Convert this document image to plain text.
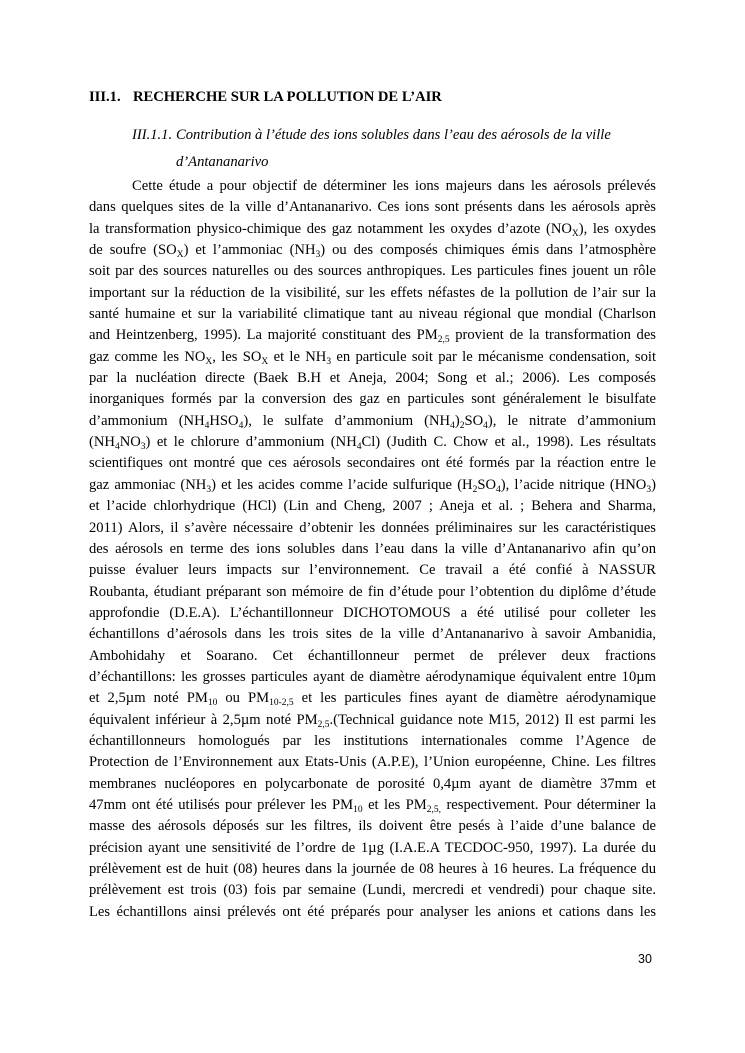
III.1. RECHERCHE SUR LA POLLUTION DE L’AIR
III.1.1. Contribution à l’étude des ions solubles dans l’eau des aérosols de la ville
d’Antananarivo
Cette étude a pour objectif de déterminer les ions majeurs dans les aérosols prélevés
dans quelques sites de la ville d’Antananarivo. Ces ions sont présents dans les aérosols après
la transformation physico-chimique des gaz notamment les oxydes d’azote $(NO_X)$, les oxydes
de soufre $(SO_X)$ et l’ammoniac $(NH_3)$ ou des composés chimiques émis dans l’atmosphère
soit par des sources naturelles ou des sources anthropiques. Les particules fines jouent un rôle
important sur la réduction de la visibilité, sur les effets néfastes de la pollution de l’air sur la
santé humaine et sur la variabilité climatique tant au niveau régional que mondial (Charlson
and Heintzenberg, 1995). La majorité constituant des $PM_{2,5}$ provient de la transformation des
gaz comme les $NO_X$, les $SO_X$ et le $NH_3$ en particule soit par le mécanisme condensation, soit
par la nucléation directe (Baek B.H et Aneja, 2004; Song et al.; 2006). Les composés
inorganiques formés par la conversion des gaz en particules sont généralement le bisulfate
d’ammonium $(NH_4HSO_4)$, le sulfate d’ammonium $(NH_4)_2SO_4$), le nitrate d’ammonium
$(NH_4NO_3)$ et le chlorure d’ammonium $(NH_4Cl)$ (Judith C. Chow et al., 1998). Les résultats
scientifiques ont montré que ces aérosols secondaires ont été formés par la réaction entre le
gaz ammoniac $(NH_3)$ et les acides comme l’acide sulfurique $(H_2SO_4)$, l’acide nitrique $(HNO_3)$
et l’acide chlorhydrique (HCl) (Lin and Cheng, 2007 ; Aneja et al. ; Behera and Sharma,
2011) Alors, il s’avère nécessaire d’obtenir les données préliminaires sur les caractéristiques
des aérosols en terme des ions solubles dans l’eau dans la ville d’Antananarivo afin qu’on
puisse évaluer leurs impacts sur l’environnement. Ce travail a été confié à NASSUR
Roubanta, étudiant préparant son mémoire de fin d’étude pour l’obtention du diplôme d’étude
approfondie (D.E.A). L’échantillonneur DICHOTOMOUS a été utilisé pour colleter les
échantillons d’aérosols dans les trois sites de la ville d’Antananarivo à savoir Ambanidia,
Ambohidahy et Soarano. Cet échantillonneur permet de prélever deux fractions
d’échantillons: les grosses particules ayant de diamètre aérodynamique équivalent entre 10µm
et 2,5µm noté $PM_{10}$ ou $PM_{10-2,5}$ et les particules fines ayant de diamètre aérodynamique
équivalent inférieur à 2,5µm noté $PM_{2,5}.(Technical$ guidance note M15, 2012) Il est parmi les
échantillonneurs homologués par les institutions internationales comme l’Agence de
Protection de l’Environnement aux Etats-Unis (A.P.E), l’Union européenne, Chine. Les filtres
membranes nucléopores en polycarbonate de porosité 0,4µm ayant de diamètre 37mm et
47mm ont été utilisés pour prélever les $PM_{10}$ et les $PM_{2,5,}$ respectivement. Pour déterminer la
masse des aérosols déposés sur les filtres, ils doivent être pesés à l’aide d’une balance de
précision ayant une sensitivité de l’ordre de 1µg (I.A.E.A TECDOC-950, 1997). La durée du
prélèvement est de huit (08) heures dans la journée de 08 heures à 16 heures. La fréquence du
prélèvement est trois (03) fois par semaine (Lundi, mercredi et vendredi) pour chaque site.
Les échantillons ainsi prélevés ont été préparés pour analyser les anions et cations dans les
30
